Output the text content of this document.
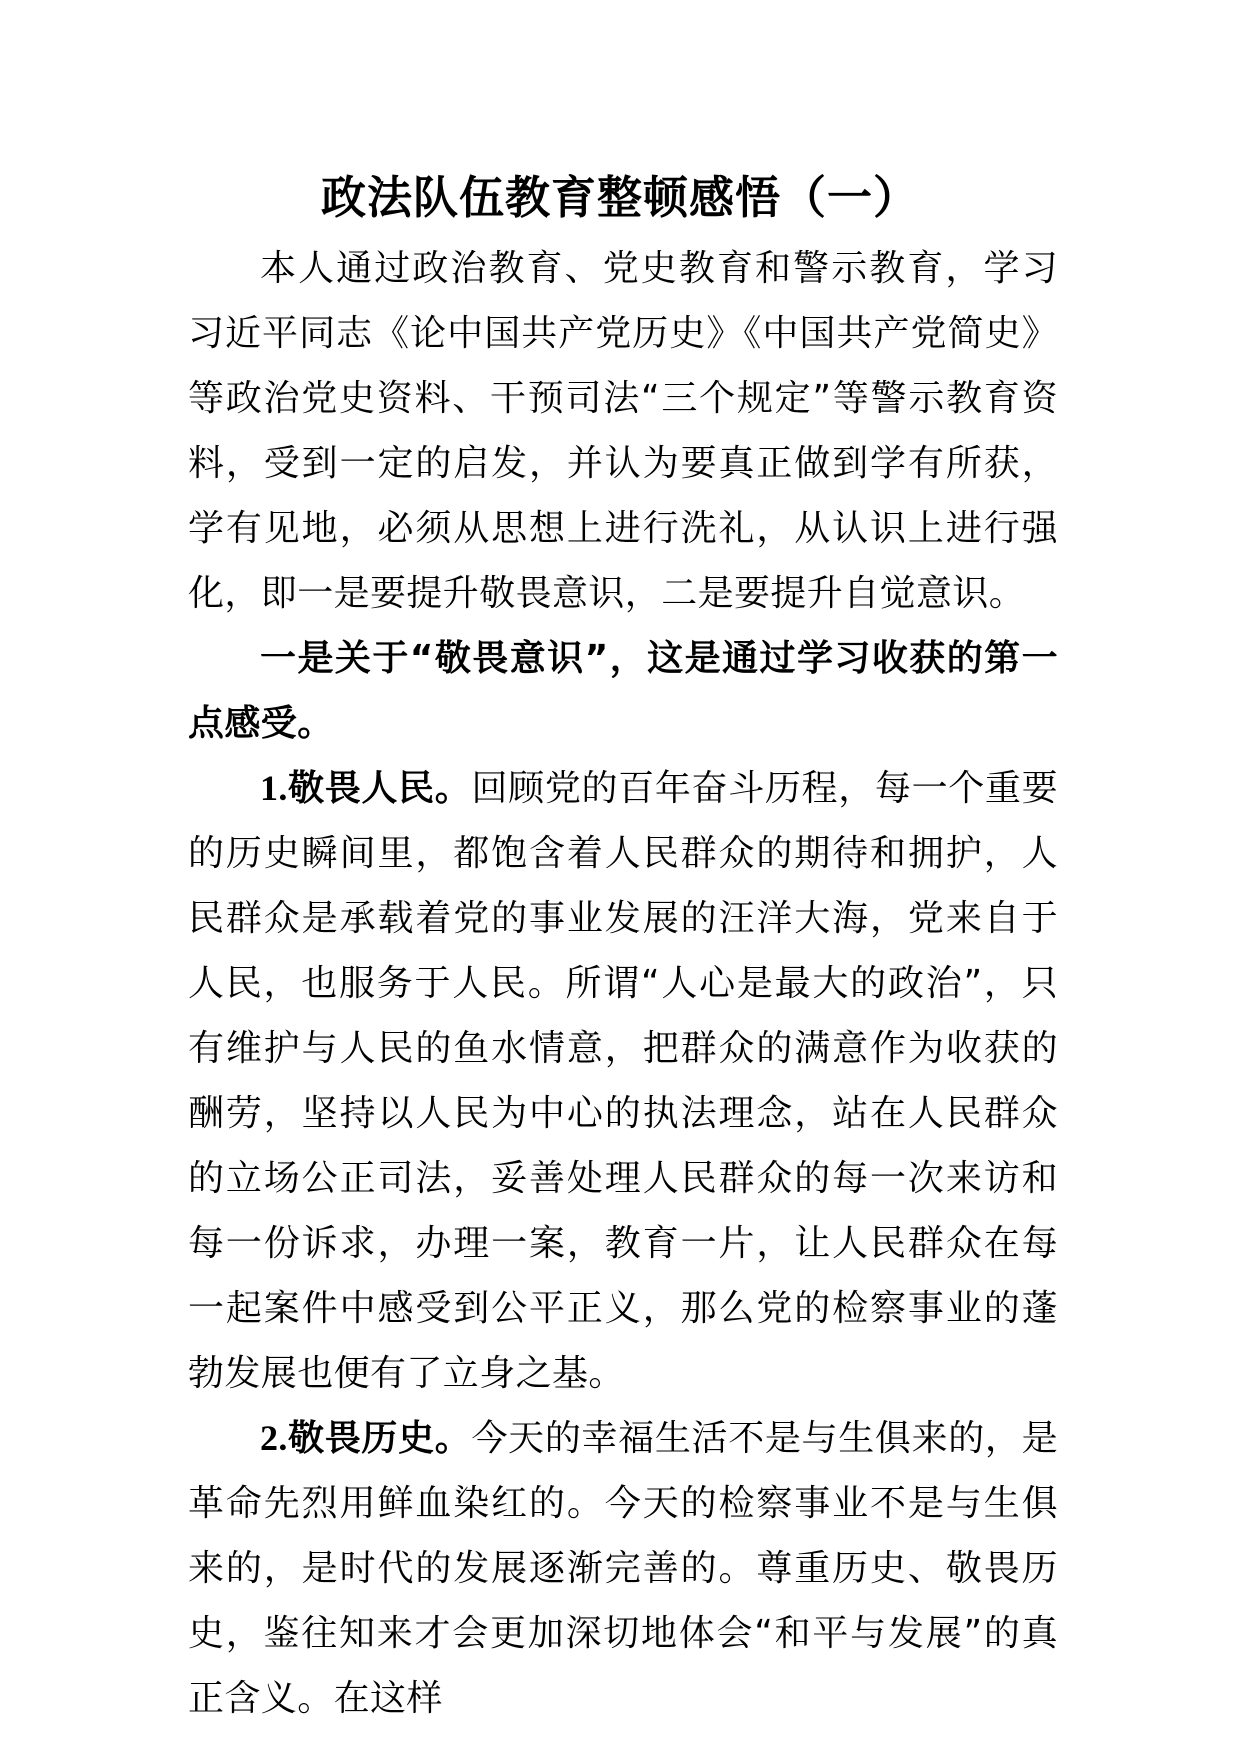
政法队伍教育整顿感悟（一）

本人通过政治教育、党史教育和警示教育，学习习近平同志《论中国共产党历史》《中国共产党简史》等政治党史资料、干预司法“三个规定”等警示教育资料，受到一定的启发，并认为要真正做到学有所获，学有见地，必须从思想上进行洗礼，从认识上进行强化，即一是要提升敬畏意识，二是要提升自觉意识。

一是关于“敬畏意识”，这是通过学习收获的第一点感受。

1.敬畏人民。回顾党的百年奋斗历程，每一个重要的历史瞬间里，都饱含着人民群众的期待和拥护，人民群众是承载着党的事业发展的汪洋大海，党来自于人民，也服务于人民。所谓“人心是最大的政治”，只有维护与人民的鱼水情意，把群众的满意作为收获的酬劳，坚持以人民为中心的执法理念，站在人民群众的立场公正司法，妥善处理人民群众的每一次来访和每一份诉求，办理一案，教育一片，让人民群众在每一起案件中感受到公平正义，那么党的检察事业的蓬勃发展也便有了立身之基。

2.敬畏历史。今天的幸福生活不是与生俱来的，是革命先烈用鲜血染红的。今天的检察事业不是与生俱来的，是时代的发展逐渐完善的。尊重历史、敬畏历史，鉴往知来才会更加深切地体会“和平与发展”的真正含义。在这样
